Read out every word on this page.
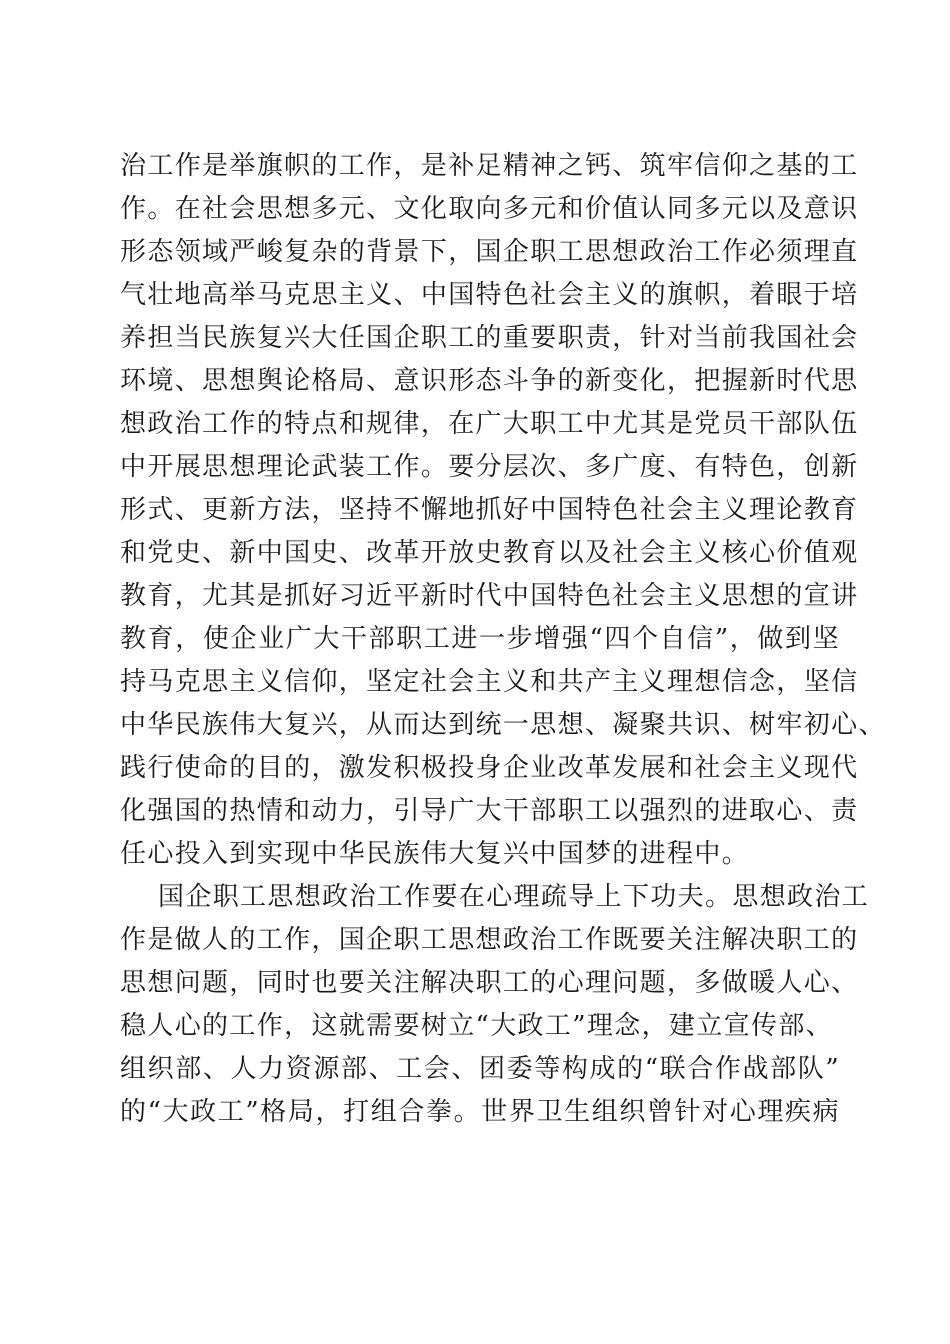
治工作是举旗帜的工作，是补足精神之钙、筑牢信仰之基的工
作。在社会思想多元、文化取向多元和价值认同多元以及意识
形态领域严峻复杂的背景下，国企职工思想政治工作必须理直
气壮地高举马克思主义、中国特色社会主义的旗帜，着眼于培
养担当民族复兴大任国企职工的重要职责，针对当前我国社会
环境、思想舆论格局、意识形态斗争的新变化，把握新时代思
想政治工作的特点和规律，在广大职工中尤其是党员干部队伍
中开展思想理论武装工作。要分层次、多广度、有特色，创新
形式、更新方法，坚持不懈地抓好中国特色社会主义理论教育
和党史、新中国史、改革开放史教育以及社会主义核心价值观
教育，尤其是抓好习近平新时代中国特色社会主义思想的宣讲
教育，使企业广大干部职工进一步增强“四个自信”，做到坚
持马克思主义信仰，坚定社会主义和共产主义理想信念，坚信
中华民族伟大复兴，从而达到统一思想、凝聚共识、树牢初心、
践行使命的目的，激发积极投身企业改革发展和社会主义现代
化强国的热情和动力，引导广大干部职工以强烈的进取心、责
任心投入到实现中华民族伟大复兴中国梦的进程中。
国企职工思想政治工作要在心理疏导上下功夫。思想政治工
作是做人的工作，国企职工思想政治工作既要关注解决职工的
思想问题，同时也要关注解决职工的心理问题，多做暖人心、
稳人心的工作，这就需要树立“大政工”理念，建立宣传部、
组织部、人力资源部、工会、团委等构成的“联合作战部队”
的“大政工”格局，打组合拳。世界卫生组织曾针对心理疾病
